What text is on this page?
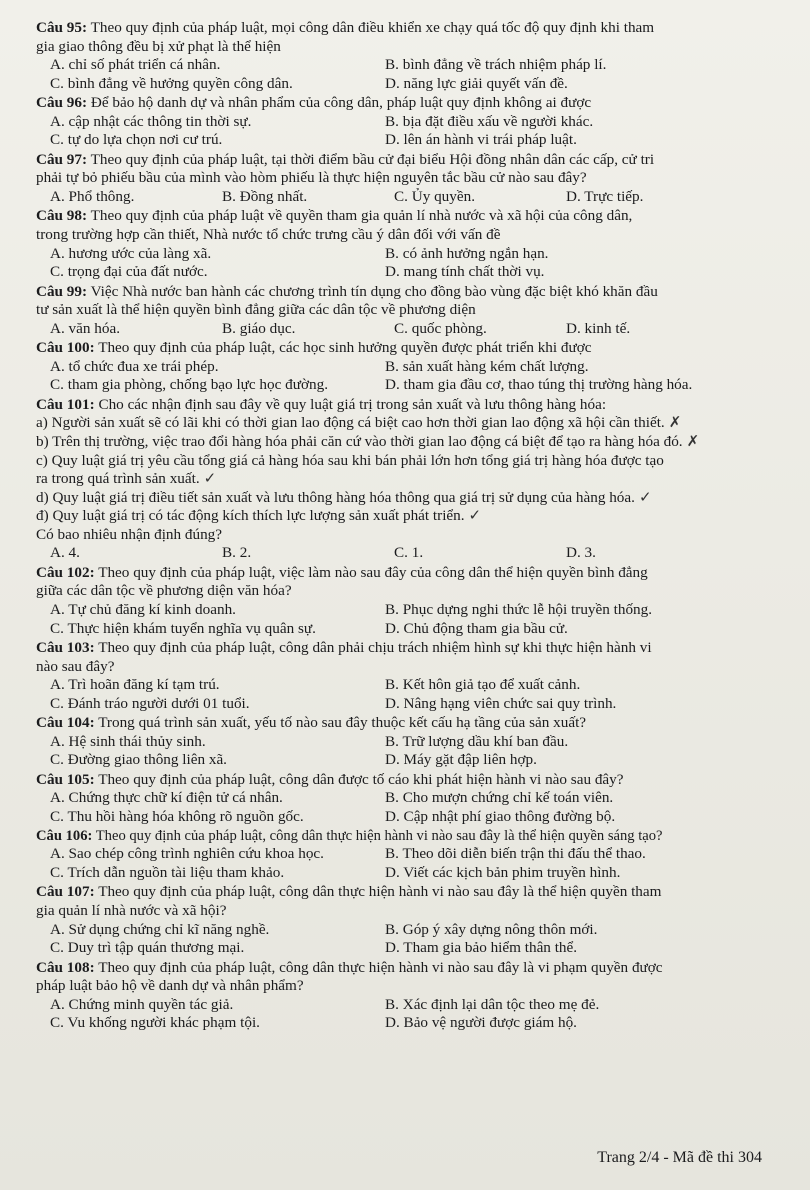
Câu 95: Theo quy định của pháp luật, mọi công dân điều khiển xe chạy quá tốc độ quy định khi tham
gia giao thông đều bị xử phạt là thể hiện
A. chỉ số phát triển cá nhân.	B. bình đẳng về trách nhiệm pháp lí.
C. bình đẳng về hưởng quyền công dân.	D. năng lực giải quyết vấn đề.
Câu 96: Để bảo hộ danh dự và nhân phẩm của công dân, pháp luật quy định không ai được
A. cập nhật các thông tin thời sự.	B. bịa đặt điều xấu về người khác.
C. tự do lựa chọn nơi cư trú.	D. lên án hành vi trái pháp luật.
Câu 97: Theo quy định của pháp luật, tại thời điểm bầu cử đại biểu Hội đồng nhân dân các cấp, cử tri
phải tự bỏ phiếu bầu của mình vào hòm phiếu là thực hiện nguyên tắc bầu cử nào sau đây?
A. Phổ thông.	B. Đồng nhất.	C. Ủy quyền.	D. Trực tiếp.
Câu 98: Theo quy định của pháp luật về quyền tham gia quản lí nhà nước và xã hội của công dân,
trong trường hợp cần thiết, Nhà nước tổ chức trưng cầu ý dân đối với vấn đề
A. hương ước của làng xã.	B. có ảnh hưởng ngắn hạn.
C. trọng đại của đất nước.	D. mang tính chất thời vụ.
Câu 99: Việc Nhà nước ban hành các chương trình tín dụng cho đồng bào vùng đặc biệt khó khăn đầu
tư sản xuất là thể hiện quyền bình đẳng giữa các dân tộc về phương diện
A. văn hóa.	B. giáo dục.	C. quốc phòng.	D. kinh tế.
Câu 100: Theo quy định của pháp luật, các học sinh hưởng quyền được phát triển khi được
A. tổ chức đua xe trái phép.	B. sản xuất hàng kém chất lượng.
C. tham gia phòng, chống bạo lực học đường.	D. tham gia đầu cơ, thao túng thị trường hàng hóa.
Câu 101: Cho các nhận định sau đây về quy luật giá trị trong sản xuất và lưu thông hàng hóa:
a) Người sản xuất sẽ có lãi khi có thời gian lao động cá biệt cao hơn thời gian lao động xã hội cần thiết. ✗
b) Trên thị trường, việc trao đổi hàng hóa phải căn cứ vào thời gian lao động cá biệt để tạo ra hàng hóa đó. ✗
c) Quy luật giá trị yêu cầu tổng giá cả hàng hóa sau khi bán phải lớn hơn tổng giá trị hàng hóa được tạo
ra trong quá trình sản xuất. ✓
d) Quy luật giá trị điều tiết sản xuất và lưu thông hàng hóa thông qua giá trị sử dụng của hàng hóa. ✓
đ) Quy luật giá trị có tác động kích thích lực lượng sản xuất phát triển. ✓
Có bao nhiêu nhận định đúng?
A. 4.	B. 2.	C. 1.	D. 3.
Câu 102: Theo quy định của pháp luật, việc làm nào sau đây của công dân thể hiện quyền bình đẳng
giữa các dân tộc về phương diện văn hóa?
A. Tự chủ đăng kí kinh doanh.	B. Phục dựng nghi thức lễ hội truyền thống.
C. Thực hiện khám tuyển nghĩa vụ quân sự.	D. Chủ động tham gia bầu cử.
Câu 103: Theo quy định của pháp luật, công dân phải chịu trách nhiệm hình sự khi thực hiện hành vi
nào sau đây?
A. Trì hoãn đăng kí tạm trú.	B. Kết hôn giả tạo để xuất cảnh.
C. Đánh tráo người dưới 01 tuổi.	D. Nâng hạng viên chức sai quy trình.
Câu 104: Trong quá trình sản xuất, yếu tố nào sau đây thuộc kết cấu hạ tầng của sản xuất?
A. Hệ sinh thái thủy sinh.	B. Trữ lượng dầu khí ban đầu.
C. Đường giao thông liên xã.	D. Máy gặt đập liên hợp.
Câu 105: Theo quy định của pháp luật, công dân được tố cáo khi phát hiện hành vi nào sau đây?
A. Chứng thực chữ kí điện tử cá nhân.	B. Cho mượn chứng chỉ kế toán viên.
C. Thu hồi hàng hóa không rõ nguồn gốc.	D. Cập nhật phí giao thông đường bộ.
Câu 106: Theo quy định của pháp luật, công dân thực hiện hành vi nào sau đây là thể hiện quyền sáng tạo?
A. Sao chép công trình nghiên cứu khoa học.	B. Theo dõi diễn biến trận thi đấu thể thao.
C. Trích dẫn nguồn tài liệu tham khảo.	D. Viết các kịch bản phim truyền hình.
Câu 107: Theo quy định của pháp luật, công dân thực hiện hành vi nào sau đây là thể hiện quyền tham
gia quản lí nhà nước và xã hội?
A. Sử dụng chứng chỉ kĩ năng nghề.	B. Góp ý xây dựng nông thôn mới.
C. Duy trì tập quán thương mại.	D. Tham gia bảo hiểm thân thể.
Câu 108: Theo quy định của pháp luật, công dân thực hiện hành vi nào sau đây là vi phạm quyền được
pháp luật bảo hộ về danh dự và nhân phẩm?
A. Chứng minh quyền tác giả.	B. Xác định lại dân tộc theo mẹ đẻ.
C. Vu khống người khác phạm tội.	D. Bảo vệ người được giám hộ.
Trang 2/4 - Mã đề thi 304
